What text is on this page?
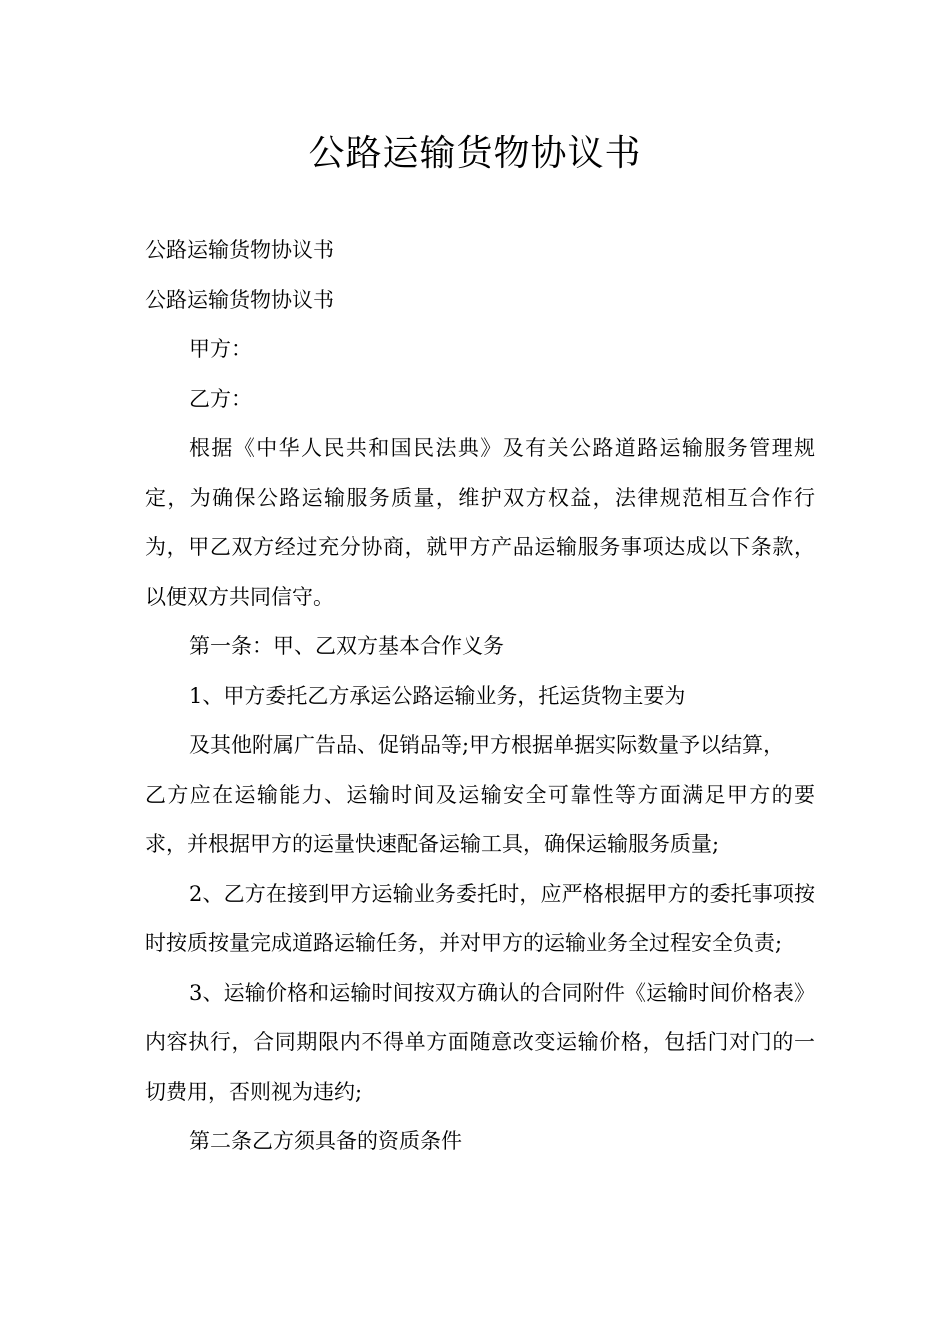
公路运输货物协议书

公路运输货物协议书

公路运输货物协议书

甲方：

乙方：

根据《中华人民共和国民法典》及有关公路道路运输服务管理规定，为确保公路运输服务质量，维护双方权益，法律规范相互合作行为，甲乙双方经过充分协商，就甲方产品运输服务事项达成以下条款，以便双方共同信守。

第一条：甲、乙双方基本合作义务

1、甲方委托乙方承运公路运输业务，托运货物主要为

及其他附属广告品、促销品等;甲方根据单据实际数量予以结算，

乙方应在运输能力、运输时间及运输安全可靠性等方面满足甲方的要求，并根据甲方的运量快速配备运输工具，确保运输服务质量;

2、乙方在接到甲方运输业务委托时，应严格根据甲方的委托事项按时按质按量完成道路运输任务，并对甲方的运输业务全过程安全负责;

3、运输价格和运输时间按双方确认的合同附件《运输时间价格表》内容执行，合同期限内不得单方面随意改变运输价格，包括门对门的一切费用，否则视为违约;

第二条乙方须具备的资质条件
